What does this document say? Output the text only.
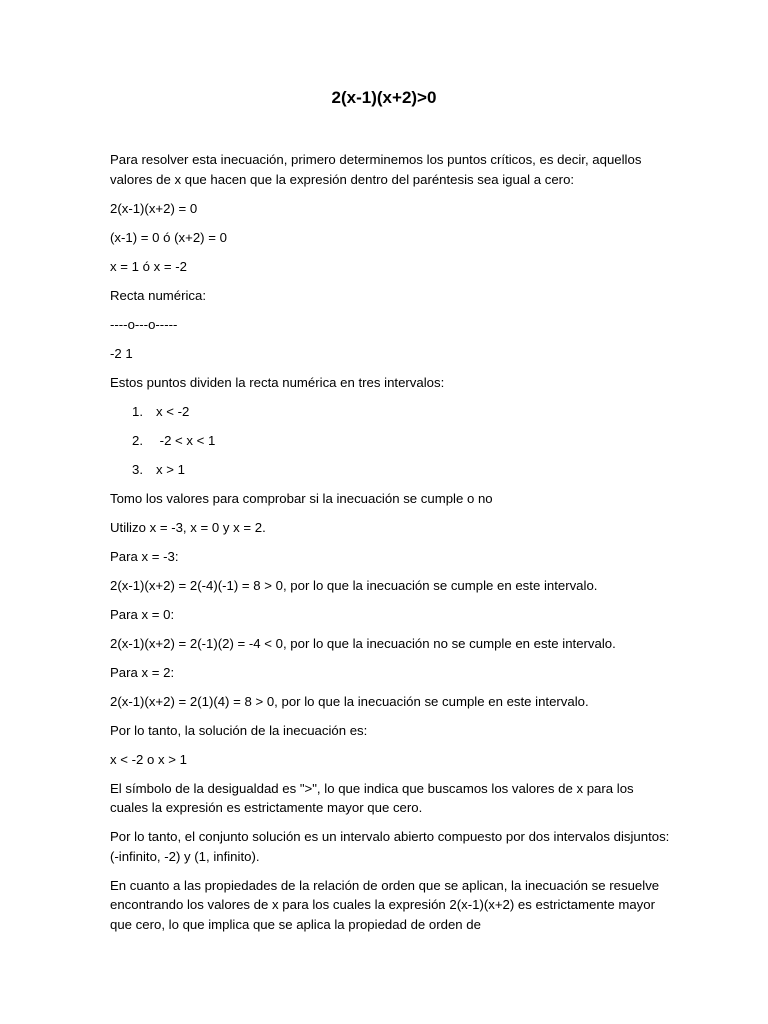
2(x-1)(x+2)>0

Para resolver esta inecuación, primero determinemos los puntos críticos, es decir, aquellos valores de x que hacen que la expresión dentro del paréntesis sea igual a cero:

2(x-1)(x+2) = 0

(x-1) = 0 ó (x+2) = 0

x = 1 ó x = -2

Recta numérica:

----o---o-----

-2 1

Estos puntos dividen la recta numérica en tres intervalos:

1. x < -2
2. -2 < x < 1
3. x > 1

Tomo los valores para comprobar si la inecuación se cumple o no

Utilizo x = -3, x = 0 y x = 2.

Para x = -3:

2(x-1)(x+2) = 2(-4)(-1) = 8 > 0, por lo que la inecuación se cumple en este intervalo.

Para x = 0:

2(x-1)(x+2) = 2(-1)(2) = -4 < 0, por lo que la inecuación no se cumple en este intervalo.

Para x = 2:

2(x-1)(x+2) = 2(1)(4) = 8 > 0, por lo que la inecuación se cumple en este intervalo.

Por lo tanto, la solución de la inecuación es:

x < -2 o x > 1

El símbolo de la desigualdad es ">", lo que indica que buscamos los valores de x para los cuales la expresión es estrictamente mayor que cero.

Por lo tanto, el conjunto solución es un intervalo abierto compuesto por dos intervalos disjuntos: (-infinito, -2) y (1, infinito).

En cuanto a las propiedades de la relación de orden que se aplican, la inecuación se resuelve encontrando los valores de x para los cuales la expresión 2(x-1)(x+2) es estrictamente mayor que cero, lo que implica que se aplica la propiedad de orden de
